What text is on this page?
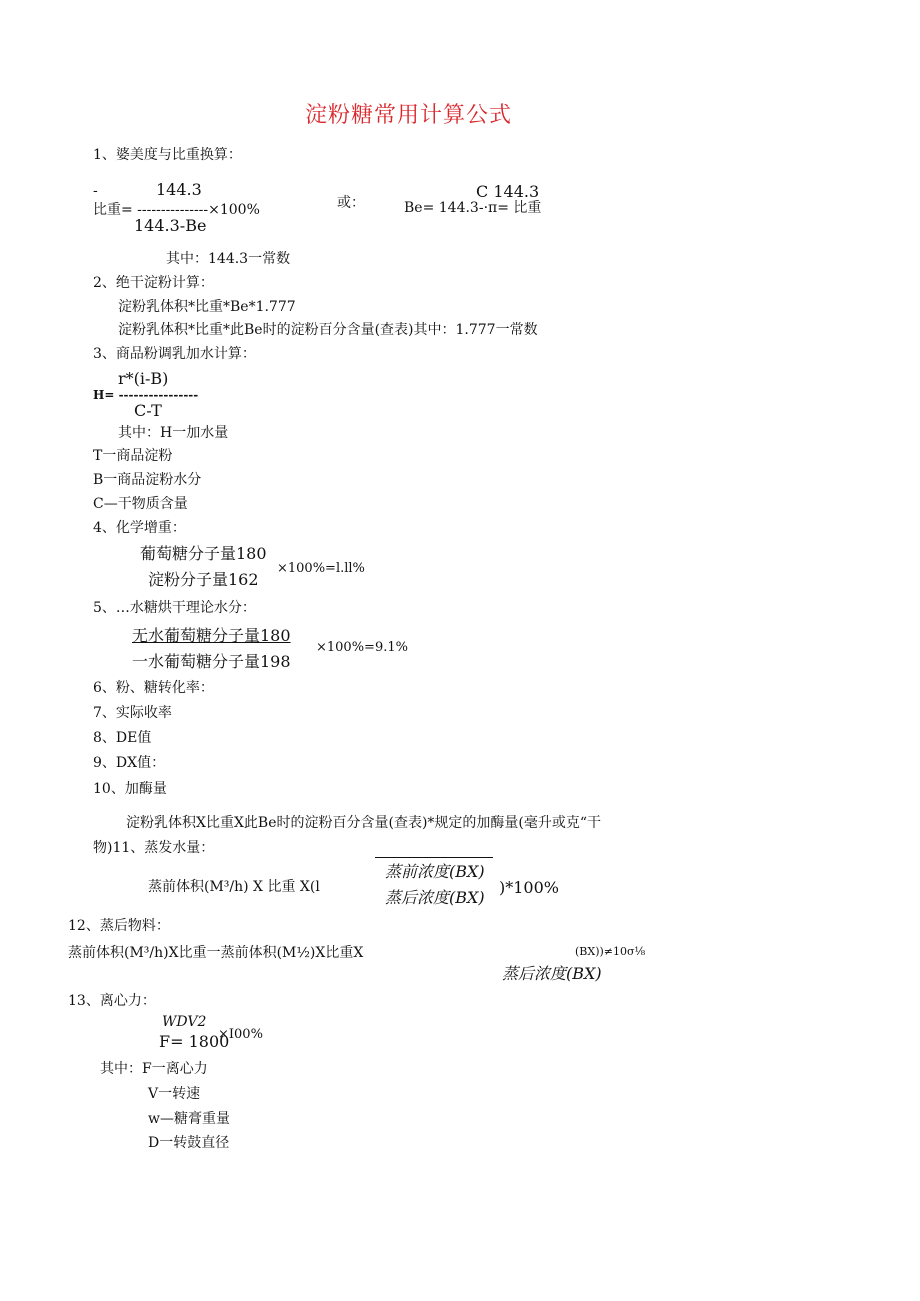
淀粉糖常用计算公式
1、婆美度与比重换算：
-	144.3
比重= ---------------×100%
144.3-Be
或：
C 144.3
Be= 144.3-·π= 比重
其中：144.3一常数
2、绝干淀粉计算：
淀粉乳体积*比重*Be*1.777
淀粉乳体积*比重*此Be时的淀粉百分含量(查表)其中：1.777一常数
3、商品粉调乳加水计算：
r*(i-B)
H= ----------------
C-T
其中：H一加水量
T一商品淀粉
B一商品淀粉水分
C—干物质含量
4、化学增重：
葡萄糖分子量180
×100%=l.ll%
淀粉分子量162
5、…水糖烘干理论水分：
无水葡萄糖分子量180
×100%=9.1%
一水葡萄糖分子量198
6、粉、糖转化率：
7、实际收率
8、DE值
9、DX值：
10、加酶量
淀粉乳体积X比重X此Be时的淀粉百分含量(查表)*规定的加酶量(毫升或克“干
物)11、蒸发水量：
蒸前浓度(BX)
蒸前体积(M³/h) X 比重 X(l	)*100%
蒸后浓度(BX)
12、蒸后物料：
蒸前体积(M³/h)X比重一蒸前体积(M½)X比重X	(BX))≠10σ⅛
蒸后浓度(BX)
13、离心力：
WDV2
×I00%
F= 1800
其中：F一离心力
V一转速
w—糖膏重量
D一转鼓直径
